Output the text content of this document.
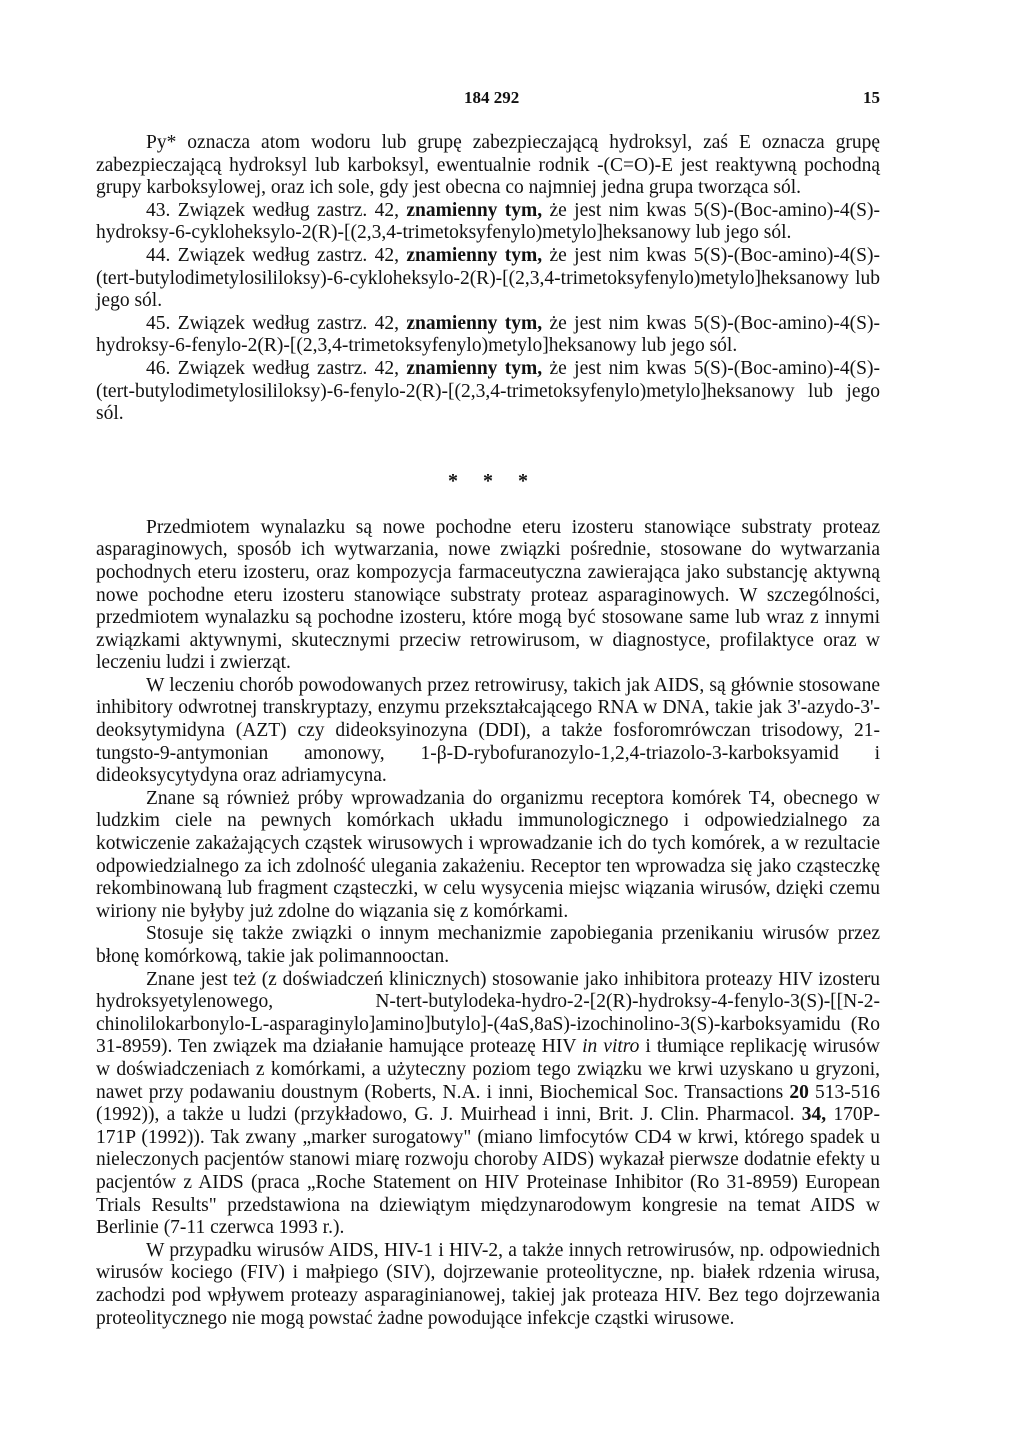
184 292	15

Py* oznacza atom wodoru lub grupę zabezpieczającą hydroksyl, zaś E oznacza grupę zabezpieczającą hydroksyl lub karboksyl, ewentualnie rodnik -(C=O)-E jest reaktywną pochodną grupy karboksylowej, oraz ich sole, gdy jest obecna co najmniej jedna grupa tworząca sól.

43. Związek według zastrz. 42, znamienny tym, że jest nim kwas 5(S)-(Boc-amino)-4(S)-hydroksy-6-cykloheksylo-2(R)-[(2,3,4-trimetoksyfenylo)metylo]heksanowy lub jego sól.

44. Związek według zastrz. 42, znamienny tym, że jest nim kwas 5(S)-(Boc-amino)-4(S)-(tert-butylodimetylosililoksy)-6-cykloheksylo-2(R)-[(2,3,4-trimetoksyfenylo)metylo]heksanowy lub jego sól.

45. Związek według zastrz. 42, znamienny tym, że jest nim kwas 5(S)-(Boc-amino)-4(S)-hydroksy-6-fenylo-2(R)-[(2,3,4-trimetoksyfenylo)metylo]heksanowy lub jego sól.

46. Związek według zastrz. 42, znamienny tym, że jest nim kwas 5(S)-(Boc-amino)-4(S)-(tert-butylodimetylosililoksy)-6-fenylo-2(R)-[(2,3,4-trimetoksyfenylo)metylo]heksanowy lub jego sól.

* * *

Przedmiotem wynalazku są nowe pochodne eteru izosteru stanowiące substraty proteaz asparaginowych, sposób ich wytwarzania, nowe związki pośrednie, stosowane do wytwarzania pochodnych eteru izosteru, oraz kompozycja farmaceutyczna zawierająca jako substancję aktywną nowe pochodne eteru izosteru stanowiące substraty proteaz asparaginowych. W szczególności, przedmiotem wynalazku są pochodne izosteru, które mogą być stosowane same lub wraz z innymi związkami aktywnymi, skutecznymi przeciw retrowirusom, w diagnostyce, profilaktyce oraz w leczeniu ludzi i zwierząt.

W leczeniu chorób powodowanych przez retrowirusy, takich jak AIDS, są głównie stosowane inhibitory odwrotnej transkryptazy, enzymu przekształcającego RNA w DNA, takie jak 3'-azydo-3'-deoksytymidyna (AZT) czy dideoksyinozyna (DDI), a także fosforomrówczan trisodowy, 21-tungsto-9-antymonian amonowy, 1-β-D-rybofuranozylo-1,2,4-triazolo-3-karboksyamid i dideoksycytydyna oraz adriamycyna.

Znane są również próby wprowadzania do organizmu receptora komórek T4, obecnego w ludzkim ciele na pewnych komórkach układu immunologicznego i odpowiedzialnego za kotwiczenie zakażających cząstek wirusowych i wprowadzanie ich do tych komórek, a w rezultacie odpowiedzialnego za ich zdolność ulegania zakażeniu. Receptor ten wprowadza się jako cząsteczkę rekombinowaną lub fragment cząsteczki, w celu wysycenia miejsc wiązania wirusów, dzięki czemu wiriony nie byłyby już zdolne do wiązania się z komórkami.

Stosuje się także związki o innym mechanizmie zapobiegania przenikaniu wirusów przez błonę komórkową, takie jak polimannooctan.

Znane jest też (z doświadczeń klinicznych) stosowanie jako inhibitora proteazy HIV izosteru hydroksyetylenowego, N-tert-butylodeka-hydro-2-[2(R)-hydroksy-4-fenylo-3(S)-[[N-2-chinolilokarbonylo-L-asparaginylo]amino]butylo]-(4aS,8aS)-izochinolino-3(S)-karboksyamidu (Ro 31-8959). Ten związek ma działanie hamujące proteazę HIV in vitro i tłumiące replikację wirusów w doświadczeniach z komórkami, a użyteczny poziom tego związku we krwi uzyskano u gryzoni, nawet przy podawaniu doustnym (Roberts, N.A. i inni, Biochemical Soc. Transactions 20 513-516 (1992)), a także u ludzi (przykładowo, G. J. Muirhead i inni, Brit. J. Clin. Pharmacol. 34, 170P-171P (1992)). Tak zwany „marker surogatowy" (miano limfocytów CD4 w krwi, którego spadek u nieleczonych pacjentów stanowi miarę rozwoju choroby AIDS) wykazał pierwsze dodatnie efekty u pacjentów z AIDS (praca „Roche Statement on HIV Proteinase Inhibitor (Ro 31-8959) European Trials Results" przedstawiona na dziewiątym międzynarodowym kongresie na temat AIDS w Berlinie (7-11 czerwca 1993 r.).

W przypadku wirusów AIDS, HIV-1 i HIV-2, a także innych retrowirusów, np. odpowiednich wirusów kociego (FIV) i małpiego (SIV), dojrzewanie proteolityczne, np. białek rdzenia wirusa, zachodzi pod wpływem proteazy asparaginianowej, takiej jak proteaza HIV. Bez tego dojrzewania proteolitycznego nie mogą powstać żadne powodujące infekcje cząstki wirusowe.
